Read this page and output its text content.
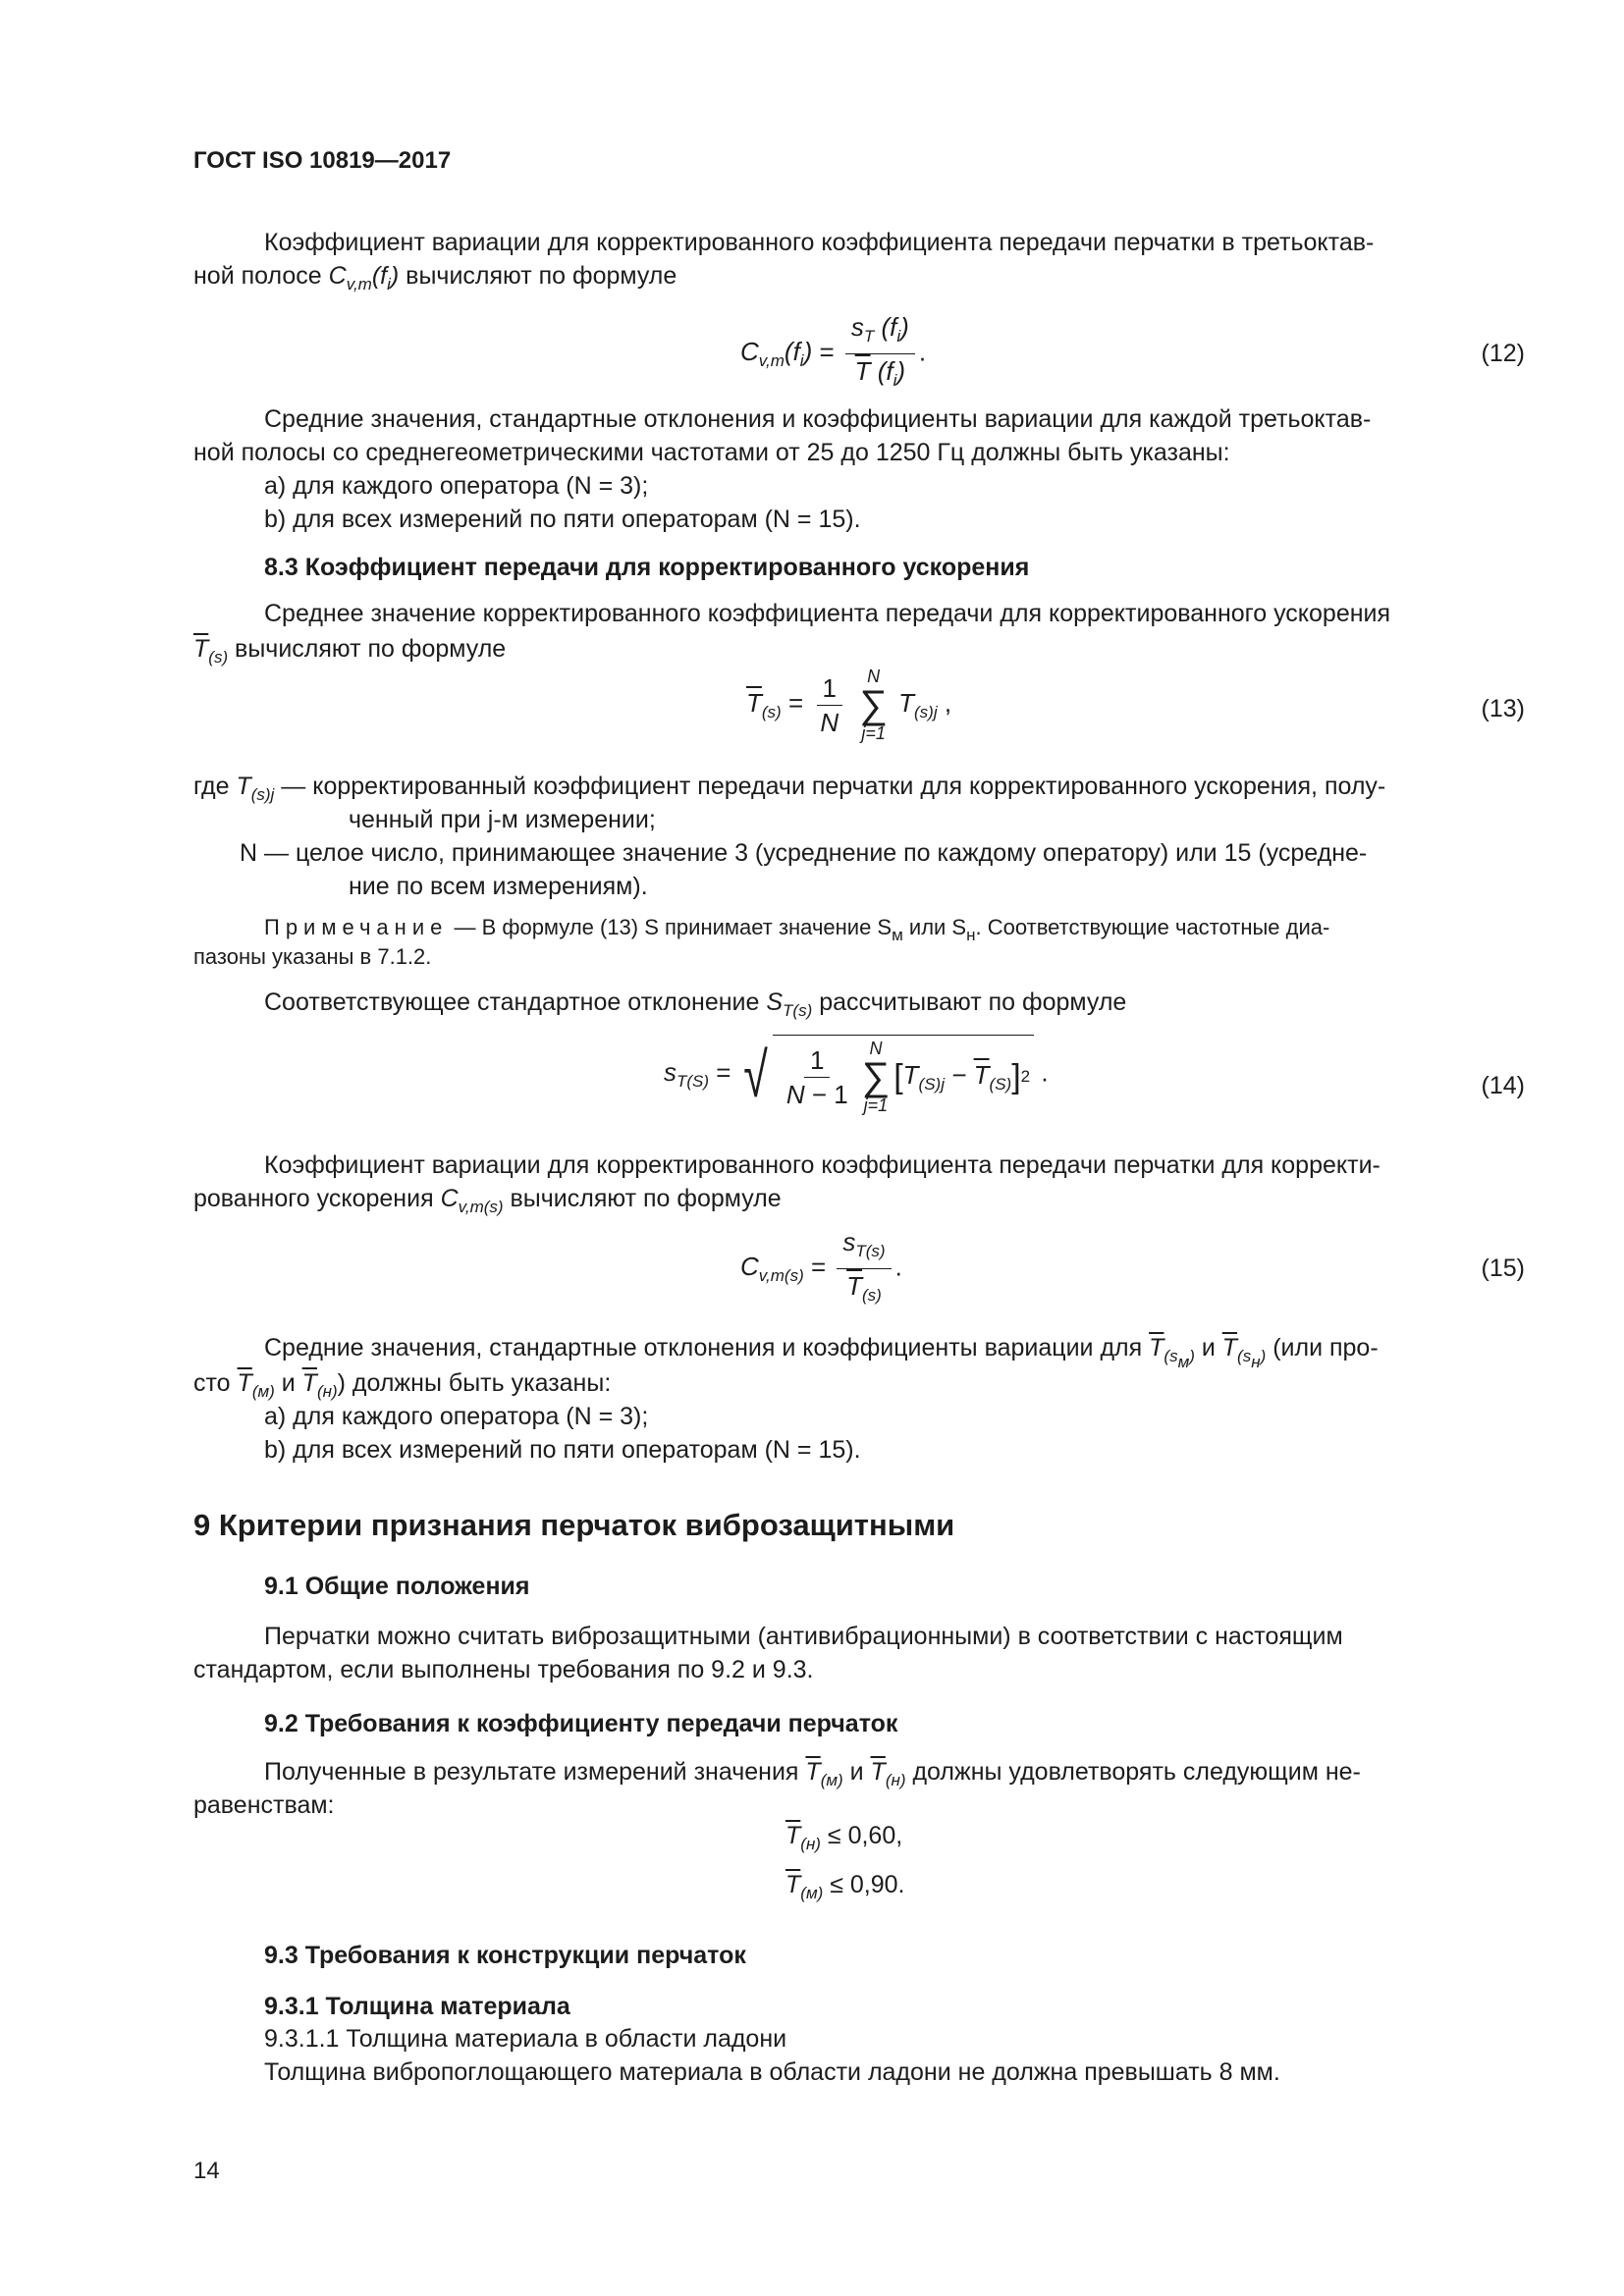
ГОСТ ISO 10819—2017
Коэффициент вариации для корректированного коэффициента передачи перчатки в третьоктав-
ной полосе $C_{v,т}(f_i)$ вычисляют по формуле
$C_{v,т}(f_i) = \frac{s_T (f_i)}{\overline{T} (f_i)}$ .	(12)
Средние значения, стандартные отклонения и коэффициенты вариации для каждой третьоктав-
ной полосы со среднегеометрическими частотами от 25 до 1250 Гц должны быть указаны:
a) для каждого оператора (N = 3);
b) для всех измерений по пяти операторам (N = 15).
8.3 Коэффициент передачи для корректированного ускорения
Среднее значение корректированного коэффициента передачи для корректированного ускорения
$\overline{T}_{(s)}$ вычисляют по формуле
$\overline{T}_{(s)} = \frac{1}{N}$
N
∑
j=1
$T_{(s)j}$ ,	(13)
где $T_{(s)j}$ — корректированный коэффициент передачи перчатки для корректированного ускорения, полу-
ченный при j-м измерении;
N — целое число, принимающее значение 3 (усреднение по каждому оператору) или 15 (усредне-
ние по всем измерениям).
Примечание — В формуле (13) S принимает значение $S_м$ или $S_н$. Соответствующие частотные диа-
пазоны указаны в 7.1.2.
Соответствующее стандартное отклонение $S_{T(s)}$ рассчитывают по формуле
$s_{T(S)}$ = √ $\frac{1}{N - 1}$ N
∑
j=1
[ $T_{(S)j} - \overline{T}_{(S)}$ ] 2 .	(14)
Коэффициент вариации для корректированного коэффициента передачи перчатки для корректи-
рованного ускорения $C_{v,т(s)}$ вычисляют по формуле
$C_{v,т(s)} = \frac{s_{T(s)}}{\overline{T}_{(s)}}$ .	(15)
Средние значения, стандартные отклонения и коэффициенты вариации для $\overline{T}_{(s_м)}$ и $\overline{T}_{(s_н)}$ (или про-
сто $\overline{T}_{(м)}$ и $\overline{T}_{(н)}$) должны быть указаны:
a) для каждого оператора (N = 3);
b) для всех измерений по пяти операторам (N = 15).
9 Критерии признания перчаток виброзащитными
9.1 Общие положения
Перчатки можно считать виброзащитными (антивибрационными) в соответствии с настоящим
стандартом, если выполнены требования по 9.2 и 9.3.
9.2 Требования к коэффициенту передачи перчаток
Полученные в результате измерений значения $\overline{T}_{(м)}$ и $\overline{T}_{(н)}$ должны удовлетворять следующим не-
равенствам:
$\overline{T}_{(н)} \le 0,60$,
$\overline{T}_{(м)} \le 0,90$.
9.3 Требования к конструкции перчаток
9.3.1 Толщина материала
9.3.1.1 Толщина материала в области ладони
Толщина вибропоглощающего материала в области ладони не должна превышать 8 мм.
14
